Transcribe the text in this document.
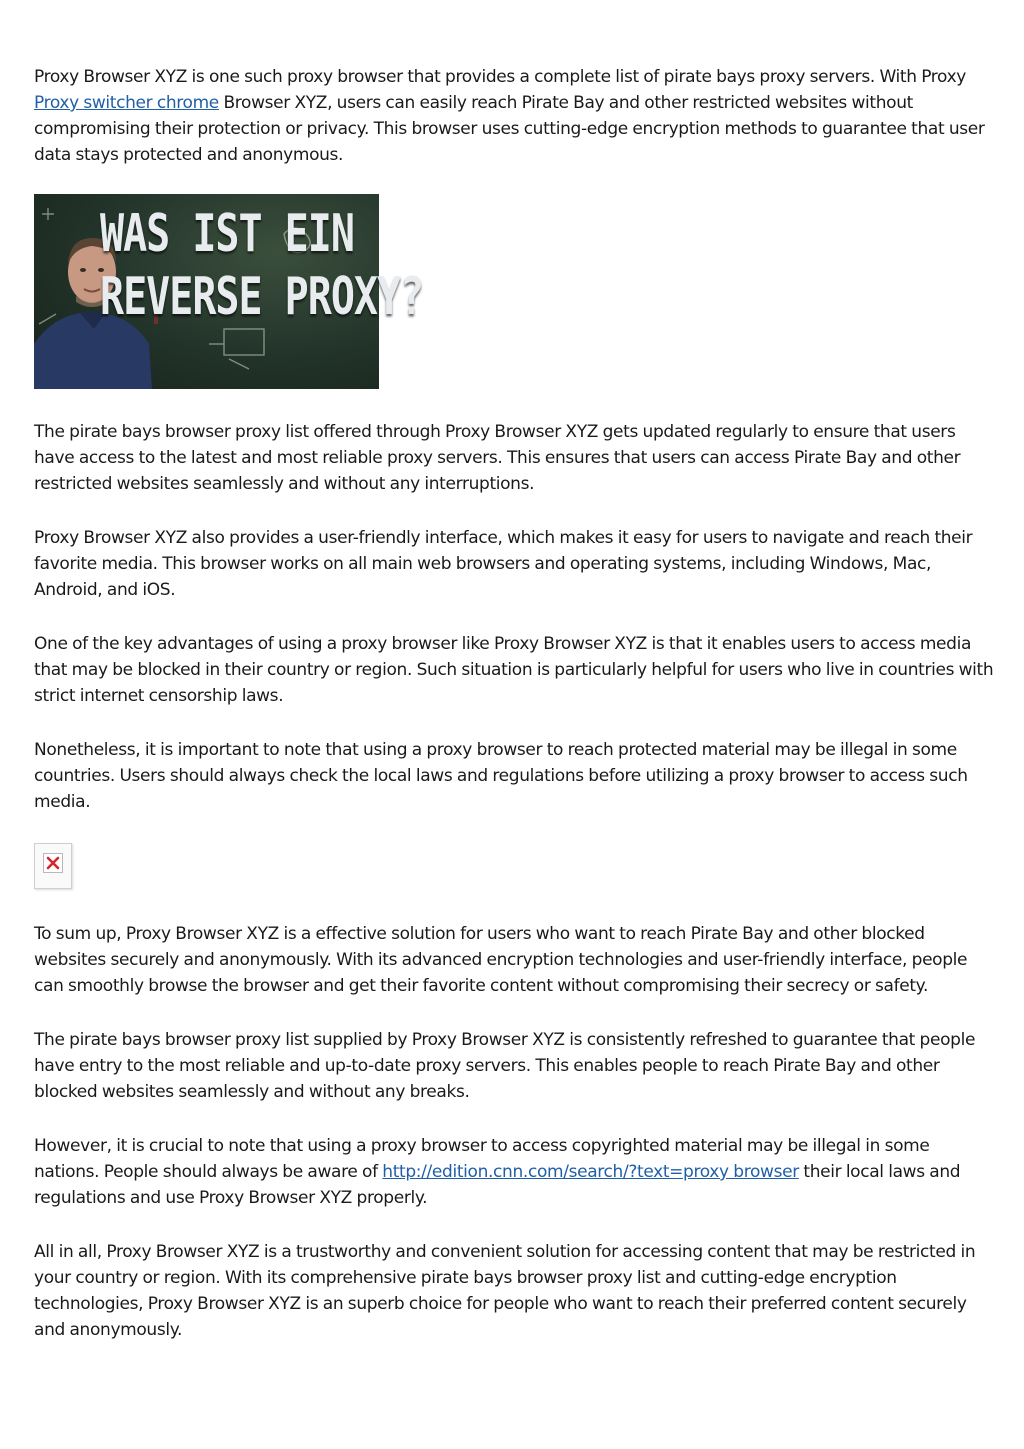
Proxy Browser XYZ is one such proxy browser that provides a complete list of pirate bays proxy servers. With Proxy Proxy switcher chrome Browser XYZ, users can easily reach Pirate Bay and other restricted websites without compromising their protection or privacy. This browser uses cutting-edge encryption methods to guarantee that user data stays protected and anonymous.

WAS IST EIN
REVERSE PROXY?

The pirate bays browser proxy list offered through Proxy Browser XYZ gets updated regularly to ensure that users have access to the latest and most reliable proxy servers. This ensures that users can access Pirate Bay and other restricted websites seamlessly and without any interruptions.

Proxy Browser XYZ also provides a user-friendly interface, which makes it easy for users to navigate and reach their favorite media. This browser works on all main web browsers and operating systems, including Windows, Mac, Android, and iOS.

One of the key advantages of using a proxy browser like Proxy Browser XYZ is that it enables users to access media that may be blocked in their country or region. Such situation is particularly helpful for users who live in countries with strict internet censorship laws.

Nonetheless, it is important to note that using a proxy browser to reach protected material may be illegal in some countries. Users should always check the local laws and regulations before utilizing a proxy browser to access such media.

To sum up, Proxy Browser XYZ is a effective solution for users who want to reach Pirate Bay and other blocked websites securely and anonymously. With its advanced encryption technologies and user-friendly interface, people can smoothly browse the browser and get their favorite content without compromising their secrecy or safety.

The pirate bays browser proxy list supplied by Proxy Browser XYZ is consistently refreshed to guarantee that people have entry to the most reliable and up-to-date proxy servers. This enables people to reach Pirate Bay and other blocked websites seamlessly and without any breaks.

However, it is crucial to note that using a proxy browser to access copyrighted material may be illegal in some nations. People should always be aware of http://edition.cnn.com/search/?text=proxy browser their local laws and regulations and use Proxy Browser XYZ properly.

All in all, Proxy Browser XYZ is a trustworthy and convenient solution for accessing content that may be restricted in your country or region. With its comprehensive pirate bays browser proxy list and cutting-edge encryption technologies, Proxy Browser XYZ is an superb choice for people who want to reach their preferred content securely and anonymously.
